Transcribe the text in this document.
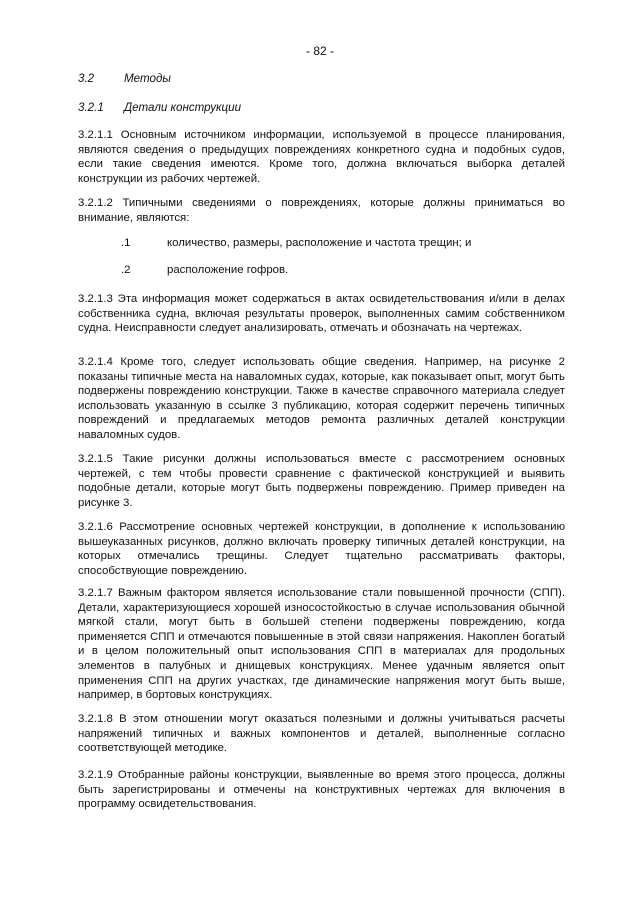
- 82 -
3.2	Методы
3.2.1 Детали конструкции

3.2.1.1 Основным источником информации, используемой в процессе планирования, являются сведения о предыдущих повреждениях конкретного судна и подобных судов, если такие сведения имеются. Кроме того, должна включаться выборка деталей конструкции из рабочих чертежей.

3.2.1.2 Типичными сведениями о повреждениях, которые должны приниматься во внимание, являются:

.1	количество, размеры, расположение и частота трещин; и
.2	расположение гофров.

3.2.1.3 Эта информация может содержаться в актах освидетельствования и/или в делах собственника судна, включая результаты проверок, выполненных самим собственником судна. Неисправности следует анализировать, отмечать и обозначать на чертежах.

3.2.1.4 Кроме того, следует использовать общие сведения. Например, на рисунке 2 показаны типичные места на наваломных судах, которые, как показывает опыт, могут быть подвержены повреждению конструкции. Также в качестве справочного материала следует использовать указанную в ссылке 3 публикацию, которая содержит перечень типичных повреждений и предлагаемых методов ремонта различных деталей конструкции наваломных судов.

3.2.1.5 Такие рисунки должны использоваться вместе с рассмотрением основных чертежей, с тем чтобы провести сравнение с фактической конструкцией и выявить подобные детали, которые могут быть подвержены повреждению. Пример приведен на рисунке 3.

3.2.1.6 Рассмотрение основных чертежей конструкции, в дополнение к использованию вышеуказанных рисунков, должно включать проверку типичных деталей конструкции, на которых отмечались трещины. Следует тщательно рассматривать факторы, способствующие повреждению.

3.2.1.7 Важным фактором является использование стали повышенной прочности (СПП). Детали, характеризующиеся хорошей износостойкостью в случае использования обычной мягкой стали, могут быть в большей степени подвержены повреждению, когда применяется СПП и отмечаются повышенные в этой связи напряжения. Накоплен богатый и в целом положительный опыт использования СПП в материалах для продольных элементов в палубных и днищевых конструкциях. Менее удачным является опыт применения СПП на других участках, где динамические напряжения могут быть выше, например, в бортовых конструкциях.

3.2.1.8 В этом отношении могут оказаться полезными и должны учитываться расчеты напряжений типичных и важных компонентов и деталей, выполненные согласно соответствующей методике.

3.2.1.9 Отобранные районы конструкции, выявленные во время этого процесса, должны быть зарегистрированы и отмечены на конструктивных чертежах для включения в программу освидетельствования.
